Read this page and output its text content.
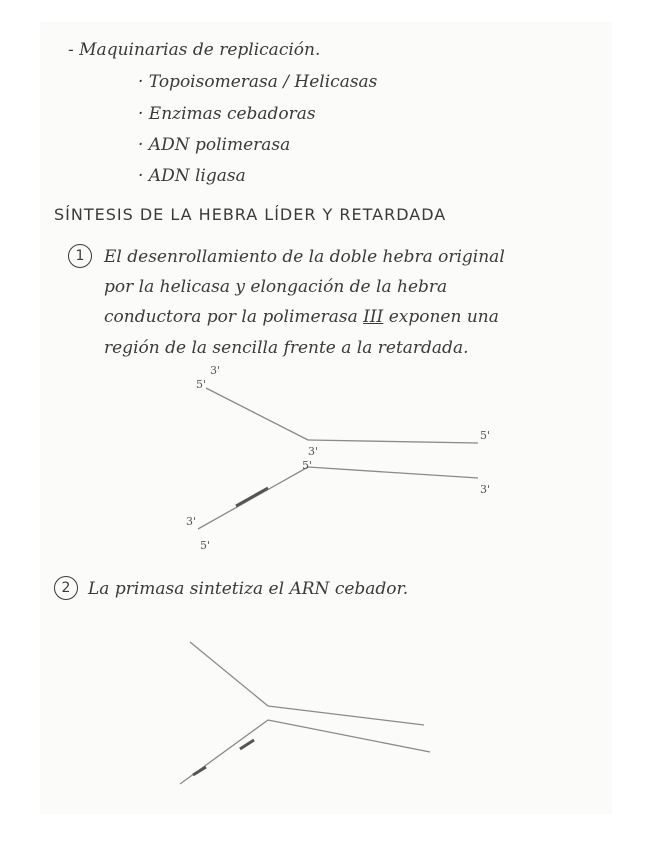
- Maquinarias de replicación.
· Topoisomerasa / Helicasas
· Enzimas cebadoras
· ADN polimerasa
· ADN ligasa
SÍNTESIS DE LA HEBRA LÍDER Y RETARDADA
1	El desenrollamiento de la doble hebra original
por la helicasa y elongación de la hebra
conductora por la polimerasa III exponen una
región de la sencilla frente a la retardada.
3'
5'
3'
5'
5'
3'
3'
5'
2	La primasa sintetiza el ARN cebador.
